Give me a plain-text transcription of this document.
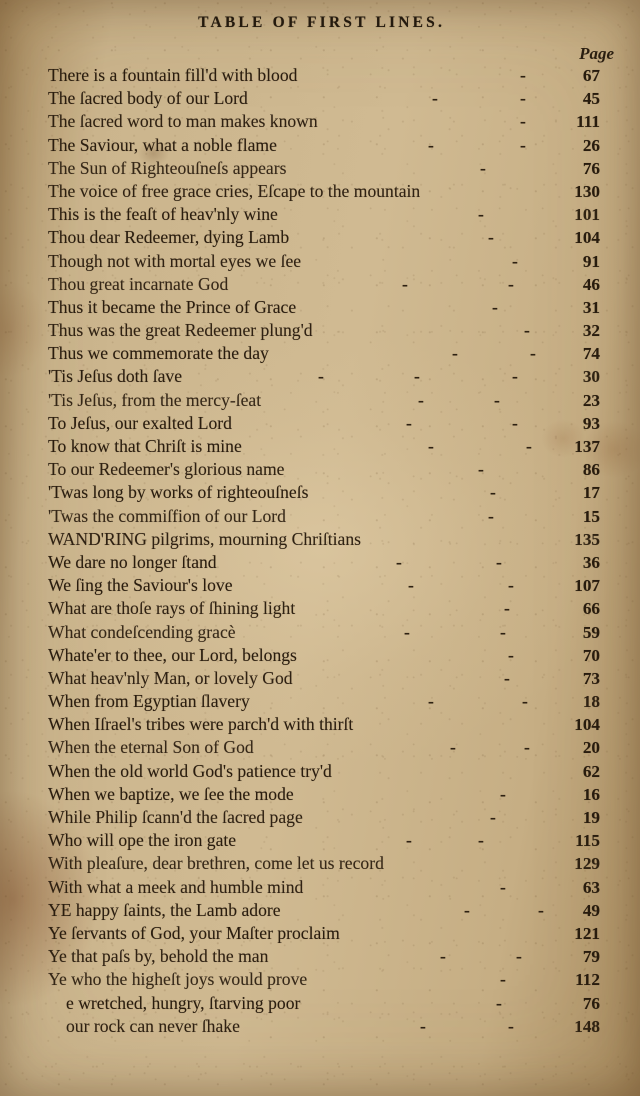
TABLE OF FIRST LINES.
Page
There is a fountain fill'd with blood	-	67
The ſacred body of our Lord	-	-	45
The ſacred word to man makes known	-	111
The Saviour, what a noble flame	-	-	26
The Sun of Righteouſneſs appears	-	76
The voice of free grace cries, Eſcape to the mountain	130
This is the feaſt of heav'nly wine	-	101
Thou dear Redeemer, dying Lamb	-	104
Though not with mortal eyes we ſee	-	91
Thou great incarnate God	-	-	46
Thus it became the Prince of Grace	-	31
Thus was the great Redeemer plung'd	-	32
Thus we commemorate the day	-	-	74
'Tis Jeſus doth ſave	-	-	-	30
'Tis Jeſus, from the mercy-ſeat	-	-	23
To Jeſus, our exalted Lord	-	-	93
To know that Chriſt is mine	-	-	137
To our Redeemer's glorious name	-	86
'Twas long by works of righteouſneſs	-	17
'Twas the commiſfion of our Lord	-	15
WAND'RING pilgrims, mourning Chriſtians	135
We dare no longer ſtand	-	-	36
We ſing the Saviour's love	-	-	107
What are thoſe rays of ſhining light	-	66
What condeſcending gracè	-	-	59
Whate'er to thee, our Lord, belongs	-	70
What heav'nly Man, or lovely God	-	73
When from Egyptian ſlavery	-	-	18
When Iſrael's tribes were parch'd with thirſt	104
When the eternal Son of God	-	-	20
When the old world God's patience try'd	62
When we baptize, we ſee the mode	-	16
While Philip ſcann'd the ſacred page	-	19
Who will ope the iron gate	-	-	115
With pleaſure, dear brethren, come let us record	129
With what a meek and humble mind	-	63
YE happy ſaints, the Lamb adore	-	-	49
Ye ſervants of God, your Maſter proclaim	121
Ye that paſs by, behold the man	-	-	79
Ye who the higheſt joys would prove	-	112
e wretched, hungry, ſtarving poor	-	76
our rock can never ſhake	-	-	148
